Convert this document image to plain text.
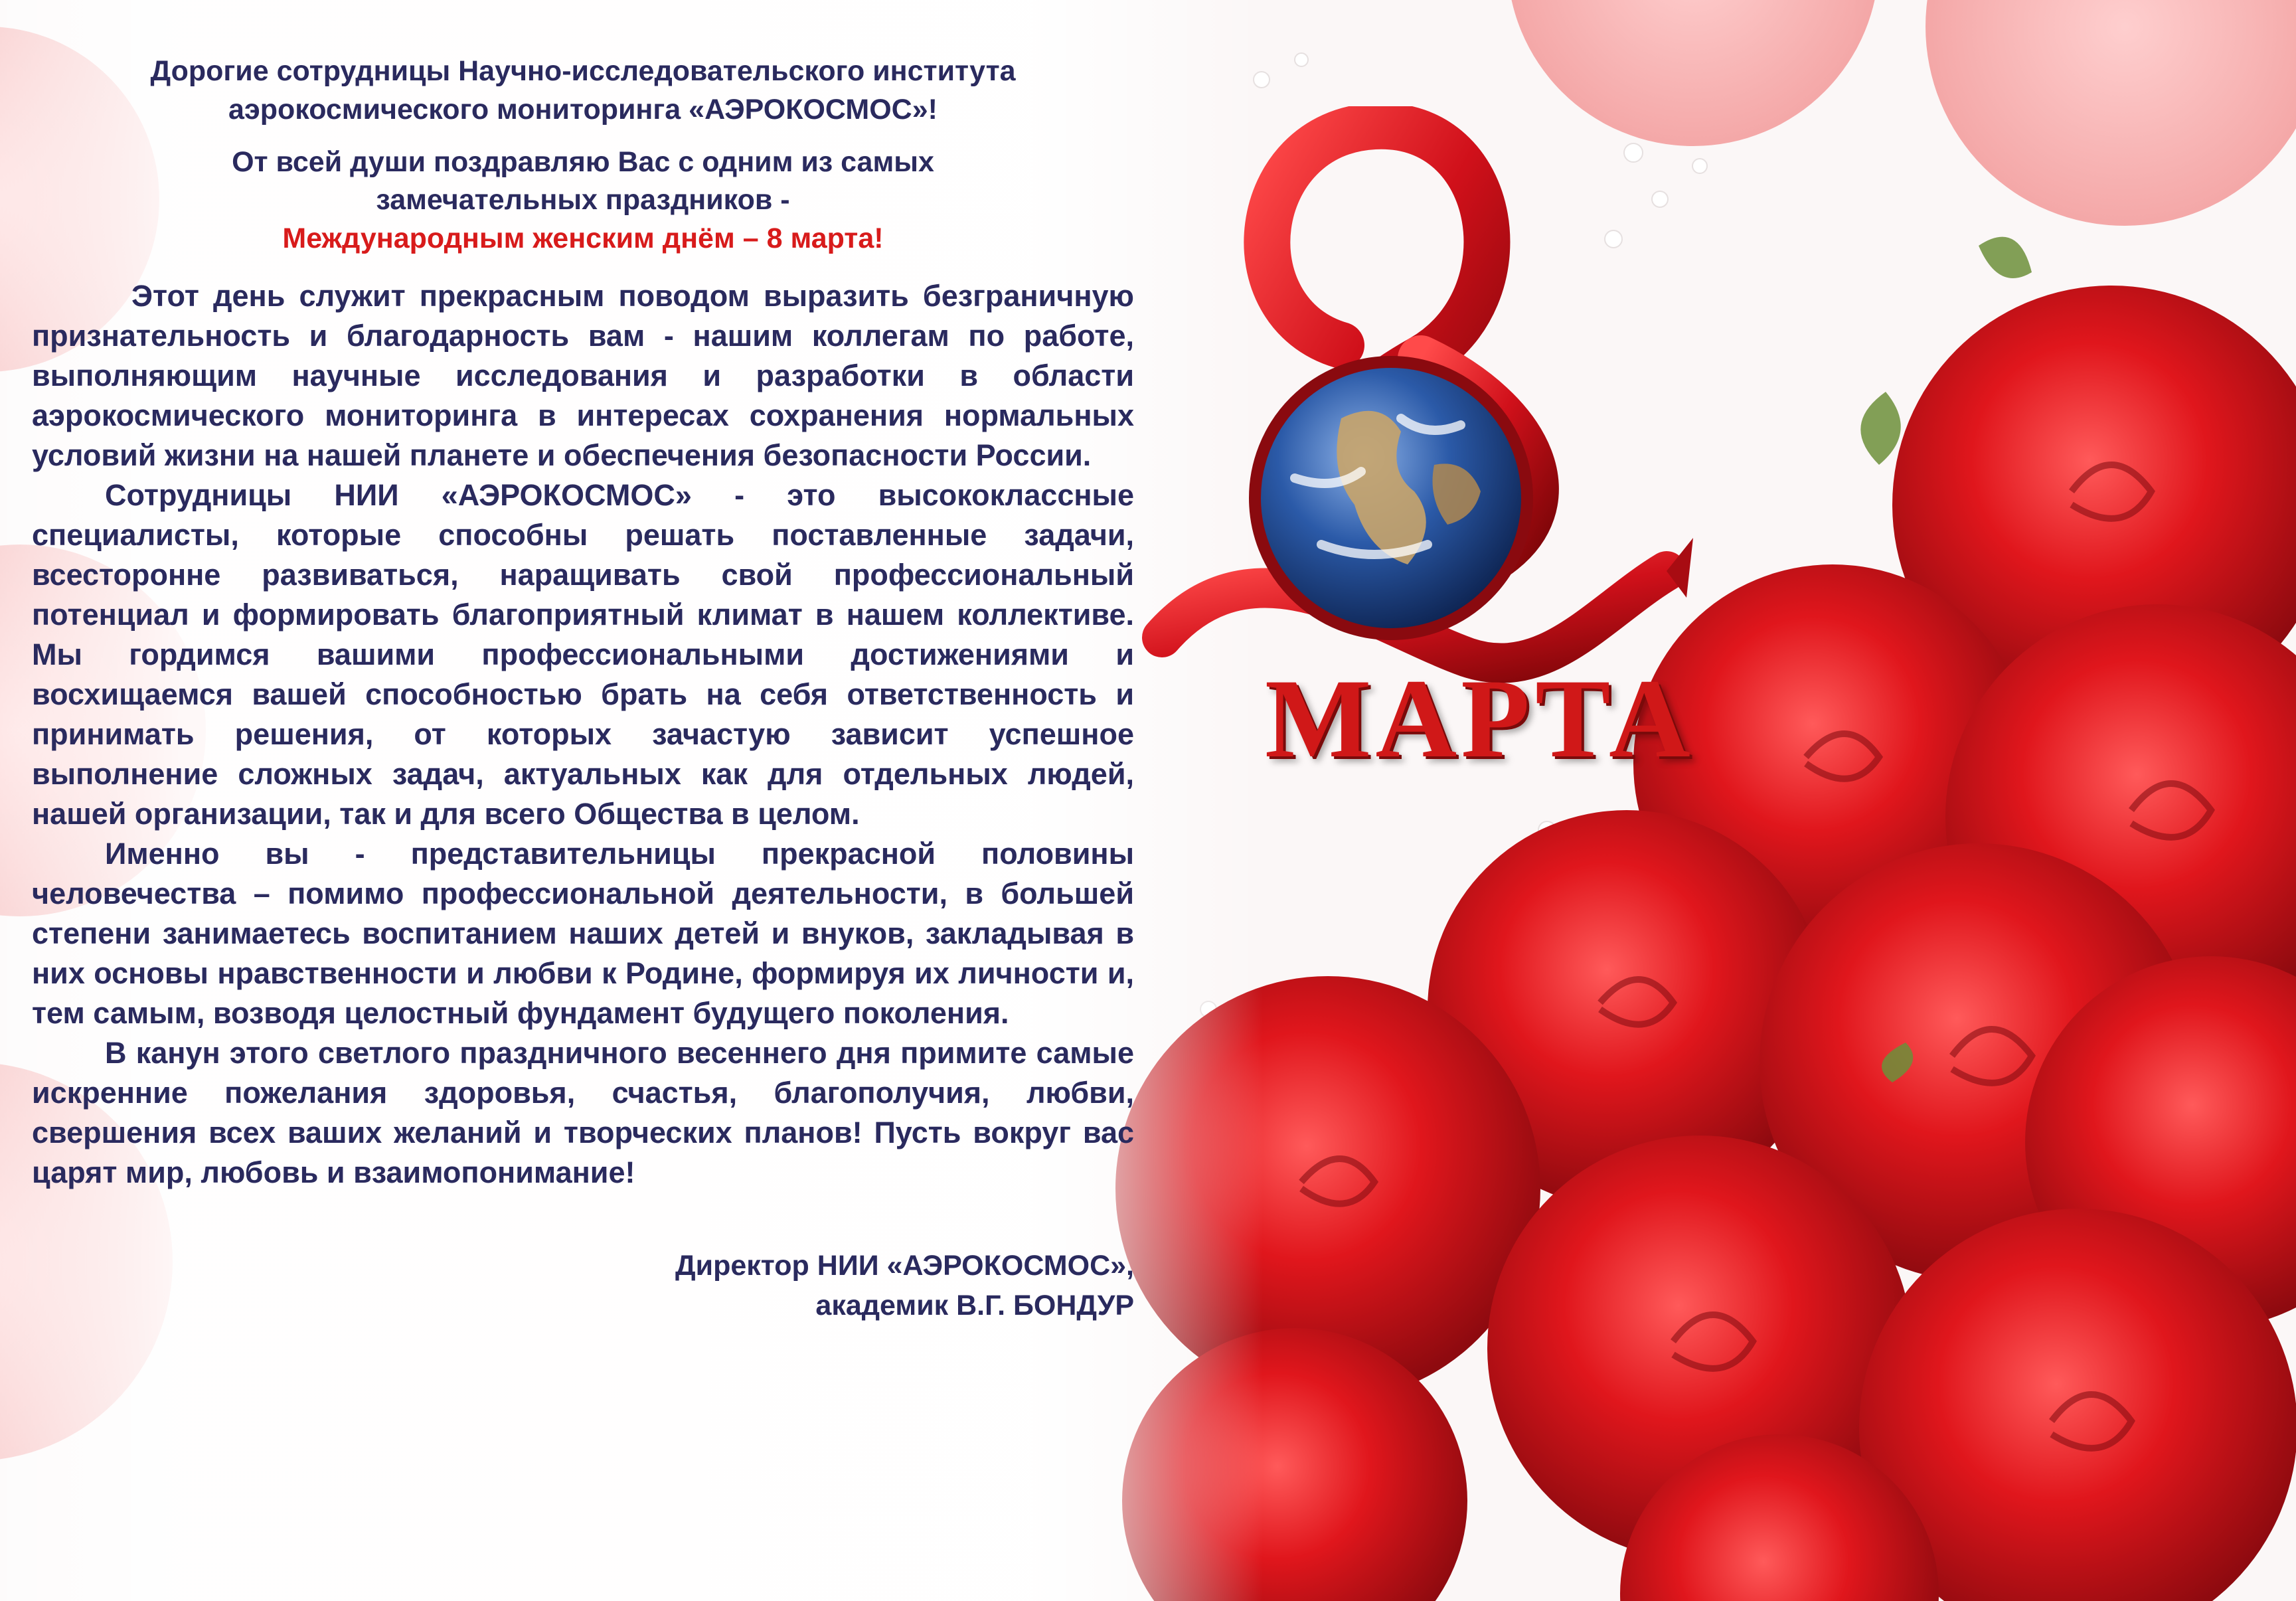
Дорогие сотрудницы Научно-исследовательского института

аэрокосмического мониторинга «АЭРОКОСМОС»!

От всей души поздравляю Вас с одним из самых

замечательных праздников -

Международным женским днём – 8 марта!

Этот день служит прекрасным поводом выразить безграничную признательность и благодарность вам - нашим коллегам по работе, выполняющим научные исследования и разработки в области аэрокосмического мониторинга в интересах сохранения нормальных условий жизни на нашей планете и обеспечения безопасности России.

Сотрудницы НИИ «АЭРОКОСМОС» - это высококлассные специалисты, которые способны решать поставленные задачи, всесторонне развиваться, наращивать свой профессиональный потенциал и формировать благоприятный климат в нашем коллективе. Мы гордимся вашими профессиональными достижениями и восхищаемся вашей способностью брать на себя ответственность и принимать решения, от которых зачастую зависит успешное выполнение сложных задач, актуальных как для отдельных людей, нашей организации, так и для всего Общества в целом.

Именно вы - представительницы прекрасной половины человечества – помимо профессиональной деятельности, в большей степени занимаетесь воспитанием наших детей и внуков, закладывая в них основы нравственности и любви к Родине, формируя их личности и, тем самым, возводя целостный фундамент будущего поколения.

В канун этого светлого праздничного весеннего дня примите самые искренние пожелания здоровья, счастья, благополучия, любви, свершения всех ваших желаний и творческих планов! Пусть вокруг вас царят мир, любовь и взаимопонимание!

Директор НИИ «АЭРОКОСМОС»,
академик В.Г. БОНДУР
МАРТА
